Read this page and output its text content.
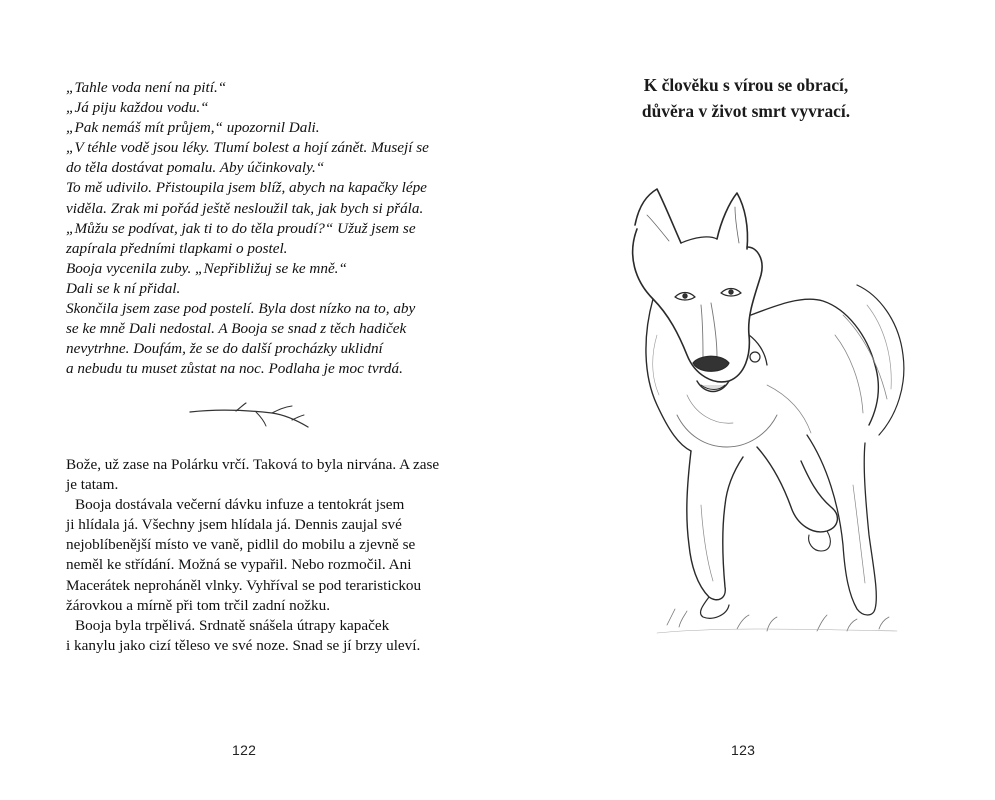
„Tahle voda není na pití.“
„Já piju každou vodu.“
„Pak nemáš mít průjem,“ upozornil Dali.
„V téhle vodě jsou léky. Tlumí bolest a hojí zánět. Musejí se
do těla dostávat pomalu. Aby účinkovaly.“
To mě udivilo. Přistoupila jsem blíž, abych na kapačky lépe
viděla. Zrak mi pořád ještě nesloužil tak, jak bych si přála.
„Můžu se podívat, jak ti to do těla proudí?“ Užuž jsem se
zapírala předními tlapkami o postel.
Booja vycenila zuby. „Nepřibližuj se ke mně.“
Dali se k ní přidal.
Skončila jsem zase pod postelí. Byla dost nízko na to, aby
se ke mně Dali nedostal. A Booja se snad z těch hadiček
nevytrhne. Doufám, že se do další procházky uklidní
a nebudu tu muset zůstat na noc. Podlaha je moc tvrdá.

Bože, už zase na Polárku vrčí. Taková to byla nirvána. A zase
je tatam.

Booja dostávala večerní dávku infuze a tentokrát jsem
ji hlídala já. Všechny jsem hlídala já. Dennis zaujal své
nejoblíbenější místo ve vaně, pidlil do mobilu a zjevně se
neměl ke střídání. Možná se vypařil. Nebo rozmočil. Ani
Macerátek neproháněl vlnky. Vyhříval se pod teraristickou
žárovkou a mírně při tom trčil zadní nožku.

Booja byla trpělivá. Srdnatě snášela útrapy kapaček
i kanylu jako cizí těleso ve své noze. Snad se jí brzy uleví.

122
K člověku s vírou se obrací,
důvěra v život smrt vyvrací.
123
